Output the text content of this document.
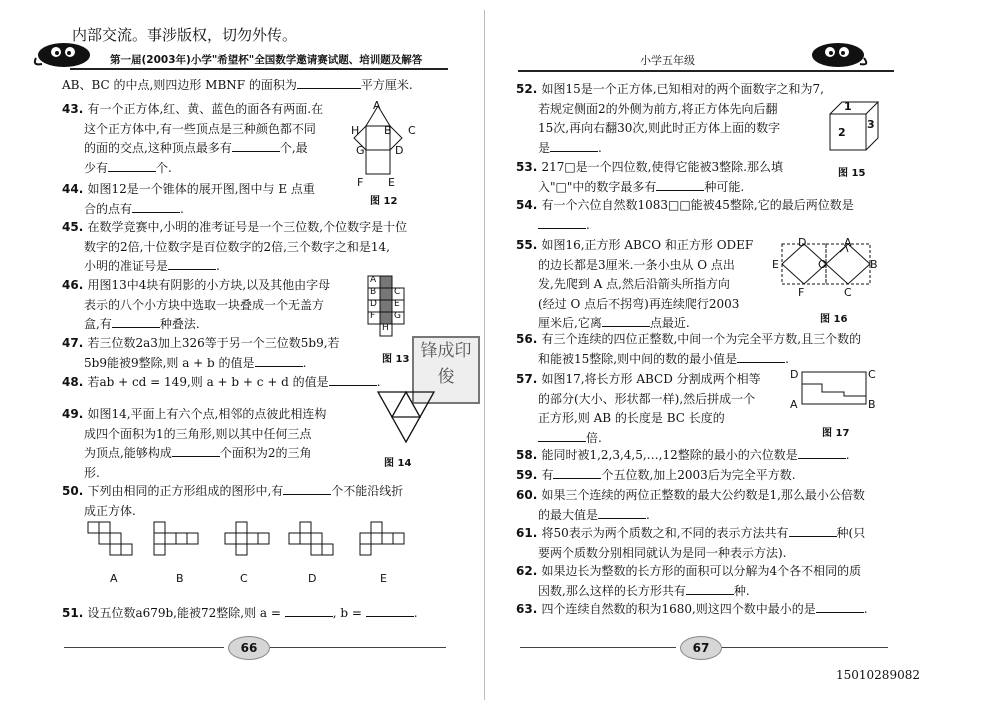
内部交流。事涉版权，切勿外传。
第一届(2003年)小学"希望杯"全国数学邀请赛试题、培训题及解答
AB、BC 的中点,则四边形 MBNF 的面积为	平方厘米.
43. 有一个正方体,红、黄、蓝色的面各有两面.在
这个正方体中,有一些顶点是三种颜色都不同
的面的交点,这种顶点最多有	个,最
少有	个.
44. 如图12是一个锥体的展开图,图中与 E 点重
合的点有	.
45. 在数学竞赛中,小明的准考证号是一个三位数,个位数字是十位
数字的2倍,十位数字是百位数字的2倍,三个数字之和是14,
小明的准证号是	.
46. 用图13中4块有阴影的小方块,以及其他由字母
表示的八个小方块中选取一块叠成一个无盖方
盒,有	种叠法.
47. 若三位数2a3加上326等于另一个三位数5b9,若
5b9能被9整除,则 a + b 的值是	.
48. 若ab + cd = 149,则 a + b + c + d 的值是	.
49. 如图14,平面上有六个点,相邻的点彼此相连构
成四个面积为1的三角形,则以其中任何三点
为顶点,能够构成	个面积为2的三角
形.
50. 下列由相同的正方形组成的图形中,有	个不能沿线折
成正方体.
51. 设五位数a679b,能被72整除,则 a =	, b =	.
A
H B C
G	D
F E
图 12
A
B C
D E
F G
H
图 13 锋成印俊
图 14
A	B	C	D	E
66
小学五年级
52. 如图15是一个正方体,已知相对的两个面数字之和为7,
若规定侧面2的外侧为前方,将正方体先向后翻
15次,再向右翻30次,则此时正方体上面的数字
是	.
53. 217□是一个四位数,使得它能被3整除.那么填
入"□"中的数字最多有	种可能.
54. 有一个六位自然数1083□□能被45整除,它的最后两位数是
.
55. 如图16,正方形 ABCO 和正方形 ODEF
的边长都是3厘米.一条小虫从 O 点出
发,先爬到 A 点,然后沿箭头所指方向
(经过 O 点后不拐弯)再连续爬行2003
厘米后,它离	点最近.
56. 有三个连续的四位正整数,中间一个为完全平方数,且三个数的
和能被15整除,则中间的数的最小值是	.
57. 如图17,将长方形 ABCD 分割成两个相等
的部分(大小、形状都一样),然后拼成一个
正方形,则 AB 的长度是 BC 长度的
倍.
58. 能同时被1,2,3,4,5,…,12整除的最小的六位数是	.
59. 有	个五位数,加上2003后为完全平方数.
60. 如果三个连续的两位正整数的最大公约数是1,那么最小公倍数
的最大值是	.
61. 将50表示为两个质数之和,不同的表示方法共有	种(只
要两个质数分别相同就认为是同一种表示方法).
62. 如果边长为整数的长方形的面积可以分解为4个各不相同的质
因数,那么这样的长方形共有	种.
63. 四个连续自然数的积为1680,则这四个数中最小的是	.
1
2
3
图 15
D	A
E	O	B
F	C
图 16
D	C
A	B
图 17
67
15010289082
